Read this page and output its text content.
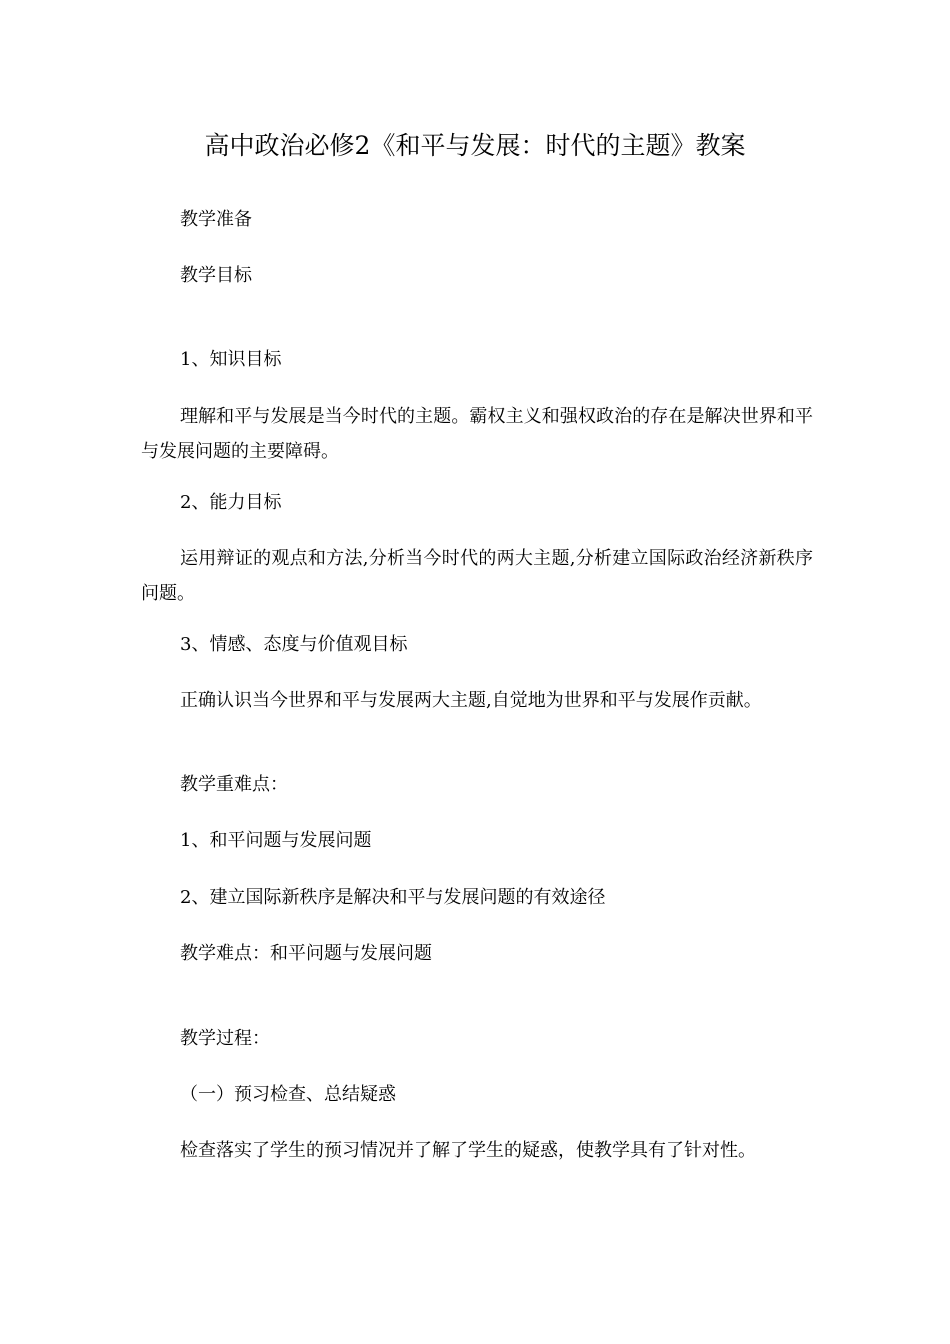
高中政治必修2《和平与发展：时代的主题》教案
教学准备
教学目标
1、知识目标
理解和平与发展是当今时代的主题。霸权主义和强权政治的存在是解决世界和平与发展问题的主要障碍。
2、能力目标
运用辩证的观点和方法,分析当今时代的两大主题,分析建立国际政治经济新秩序问题。
3、情感、态度与价值观目标
正确认识当今世界和平与发展两大主题,自觉地为世界和平与发展作贡献。
教学重难点：
1、和平问题与发展问题
2、建立国际新秩序是解决和平与发展问题的有效途径
教学难点：和平问题与发展问题
教学过程：
（一）预习检查、总结疑惑
检查落实了学生的预习情况并了解了学生的疑惑，使教学具有了针对性。
